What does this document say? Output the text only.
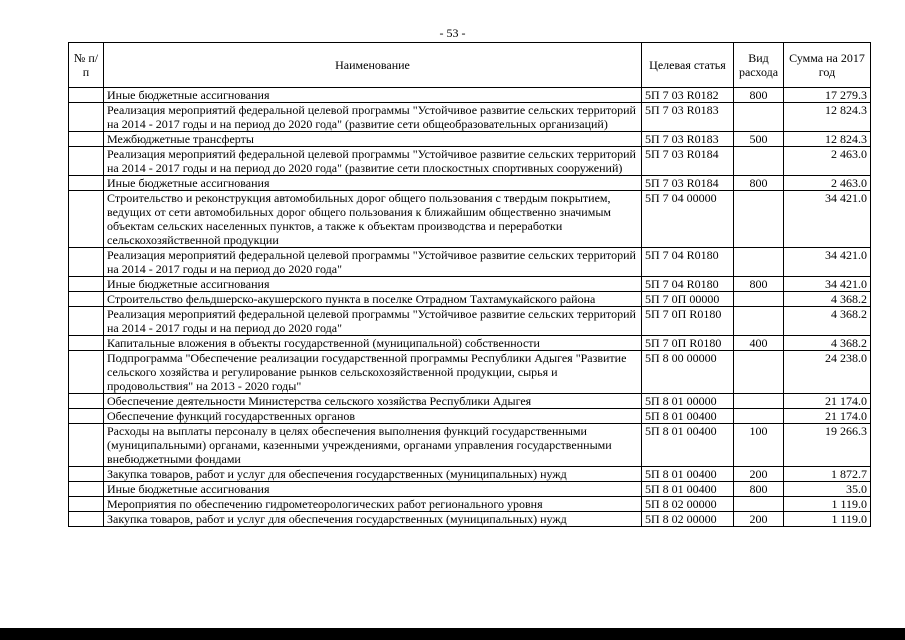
- 53 -
№ п/п	Наименование	Целевая статья	Вид расхода	Сумма на 2017 год
	Иные бюджетные ассигнования	5П 7 03 R0182	800	17 279.3
	Реализация мероприятий федеральной целевой программы "Устойчивое развитие сельских территорий на 2014 - 2017 годы и на период до 2020 года" (развитие сети общеобразовательных организаций)	5П 7 03 R0183		12 824.3
	Межбюджетные трансферты	5П 7 03 R0183	500	12 824.3
	Реализация мероприятий федеральной целевой программы "Устойчивое развитие сельских территорий на 2014 - 2017 годы и на период до 2020 года" (развитие сети плоскостных спортивных сооружений)	5П 7 03 R0184		2 463.0
	Иные бюджетные ассигнования	5П 7 03 R0184	800	2 463.0
	Строительство и реконструкция автомобильных дорог общего пользования с твердым покрытием, ведущих от сети автомобильных дорог общего пользования к ближайшим общественно значимым объектам сельских населенных пунктов, а также к объектам производства и переработки сельскохозяйственной продукции	5П 7 04 00000		34 421.0
	Реализация мероприятий федеральной целевой программы "Устойчивое развитие сельских территорий на 2014 - 2017 годы и на период до 2020 года"	5П 7 04 R0180		34 421.0
	Иные бюджетные ассигнования	5П 7 04 R0180	800	34 421.0
	Строительство фельдшерско-акушерского пункта в поселке Отрадном Тахтамукайского района	5П 7 0П 00000		4 368.2
	Реализация мероприятий федеральной целевой программы "Устойчивое развитие сельских территорий на 2014 - 2017 годы и на период до 2020 года"	5П 7 0П R0180		4 368.2
	Капитальные вложения в объекты государственной (муниципальной) собственности	5П 7 0П R0180	400	4 368.2
	Подпрограмма "Обеспечение реализации государственной программы Республики Адыгея "Развитие сельского хозяйства и регулирование рынков сельскохозяйственной продукции, сырья и продовольствия" на 2013 - 2020 годы"	5П 8 00 00000		24 238.0
	Обеспечение деятельности Министерства сельского хозяйства Республики Адыгея	5П 8 01 00000		21 174.0
	Обеспечение функций государственных органов	5П 8 01 00400		21 174.0
	Расходы на выплаты персоналу в целях обеспечения выполнения функций государственными (муниципальными) органами, казенными учреждениями, органами управления государственными внебюджетными фондами	5П 8 01 00400	100	19 266.3
	Закупка товаров, работ и услуг для обеспечения государственных (муниципальных) нужд	5П 8 01 00400	200	1 872.7
	Иные бюджетные ассигнования	5П 8 01 00400	800	35.0
	Мероприятия по обеспечению гидрометеорологических работ регионального уровня	5П 8 02 00000		1 119.0
	Закупка товаров, работ и услуг для обеспечения государственных (муниципальных) нужд	5П 8 02 00000	200	1 119.0
